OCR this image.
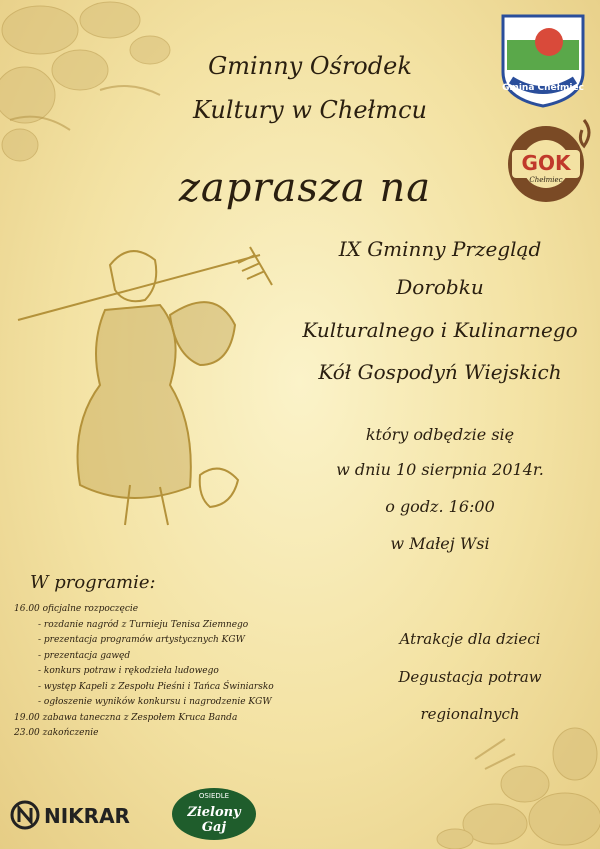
Gminny Ośrodek
Kultury w Chełmcu
zaprasza na
IX Gminny Przegląd
Dorobku
Kulturalnego i Kulinarnego
Kół Gospodyń Wiejskich
który odbędzie się
w dniu 10 sierpnia 2014r.
o godz. 16:00
w Małej Wsi
Gmina Chełmiec
GOK
Chełmiec
NIKRAR
OSIEDLE
Zielony
Gaj
W programie:
16.00 oficjalne rozpoczęcie
- rozdanie nagród z Turnieju Tenisa Ziemnego
- prezentacja programów artystycznych KGW
- prezentacja gawęd
- konkurs potraw i rękodzieła ludowego
- występ Kapeli z Zespołu Pieśni i Tańca Świniarsko
- ogłoszenie wyników konkursu i nagrodzenie KGW
19.00 zabawa taneczna z Zespołem Kruca Banda
23.00 zakończenie
Atrakcje dla dzieci
Degustacja potraw
regionalnych
